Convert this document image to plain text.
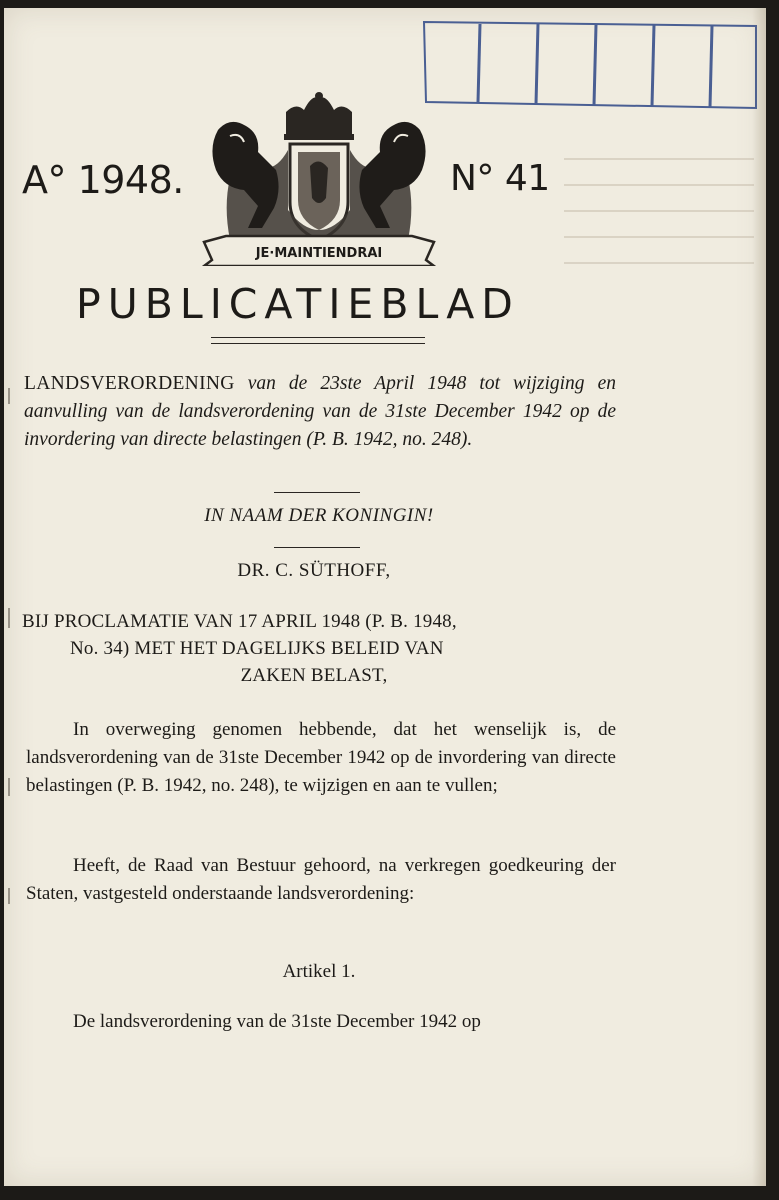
A° 1948.	N° 41
JE·MAINTIENDRAI
PUBLICATIEBLAD
LANDSVERORDENING van de 23ste April 1948 tot wijziging en aanvulling van de landsverordening van de 31ste December 1942 op de invordering van directe belastingen (P. B. 1942, no. 248).
IN NAAM DER KONINGIN!
DR. C. SÜTHOFF,
BIJ PROCLAMATIE VAN 17 APRIL 1948 (P. B. 1948,
No. 34) MET HET DAGELIJKS BELEID VAN
ZAKEN BELAST,
In overweging genomen hebbende, dat het wenselijk is, de landsverordening van de 31ste December 1942 op de invordering van directe belastingen (P. B. 1942, no. 248), te wijzigen en aan te vullen;
Heeft, de Raad van Bestuur gehoord, na verkregen goedkeuring der Staten, vastgesteld onderstaande landsverordening:
Artikel 1.
De landsverordening van de 31ste December 1942 op
